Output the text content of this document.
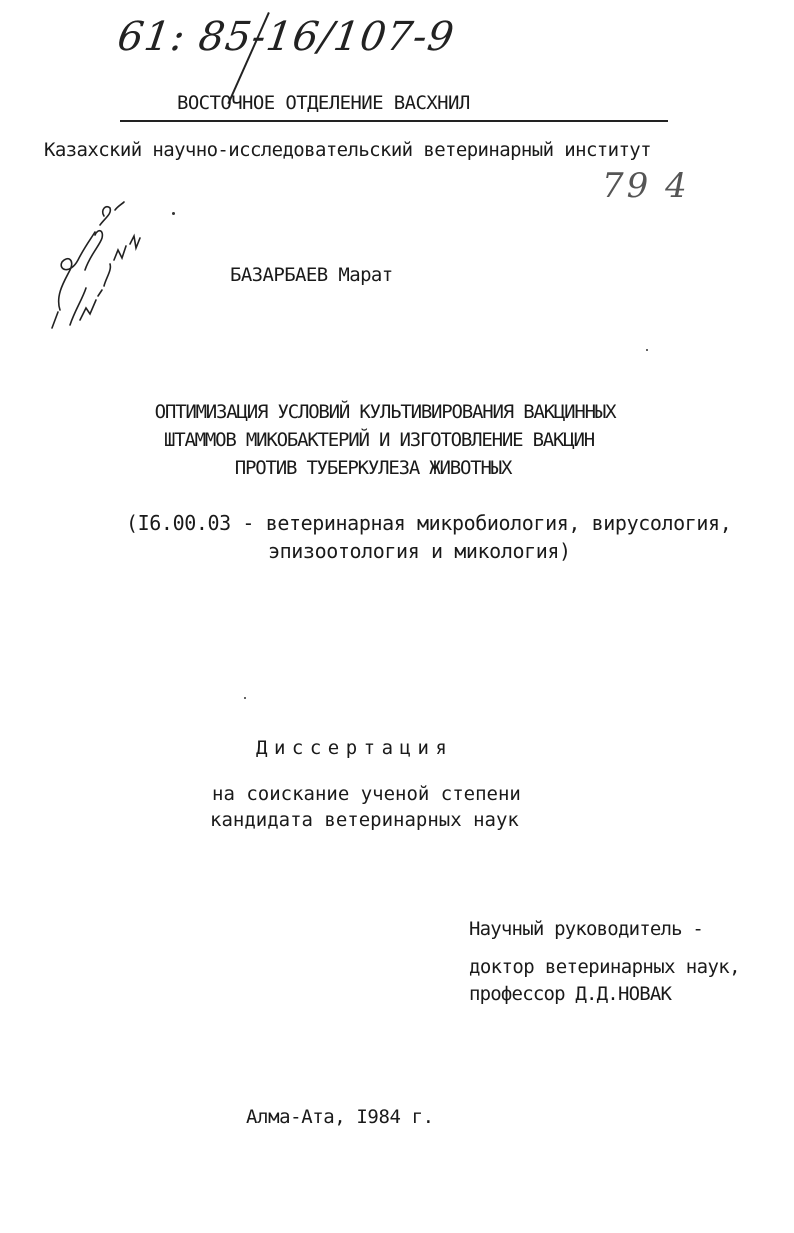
61: 85-16/107-9
ВОСТОЧНОЕ ОТДЕЛЕНИЕ ВАСХНИЛ
Казахский научно-исследовательский ветеринарный институт
79 4
БАЗАРБАЕВ Марат
ОПТИМИЗАЦИЯ УСЛОВИЙ КУЛЬТИВИРОВАНИЯ ВАКЦИННЫХ
ШТАММОВ МИКОБАКТЕРИЙ И ИЗГОТОВЛЕНИЕ ВАКЦИН
ПРОТИВ ТУБЕРКУЛЕЗА ЖИВОТНЫХ
(I6.00.03 - ветеринарная микробиология, вирусология,
эпизоотология и микология)
Диссертация
на соискание ученой степени
кандидата ветеринарных наук
Научный руководитель -
доктор ветеринарных наук,
профессор Д.Д.НОВАК
Алма-Ата, I984 г.
